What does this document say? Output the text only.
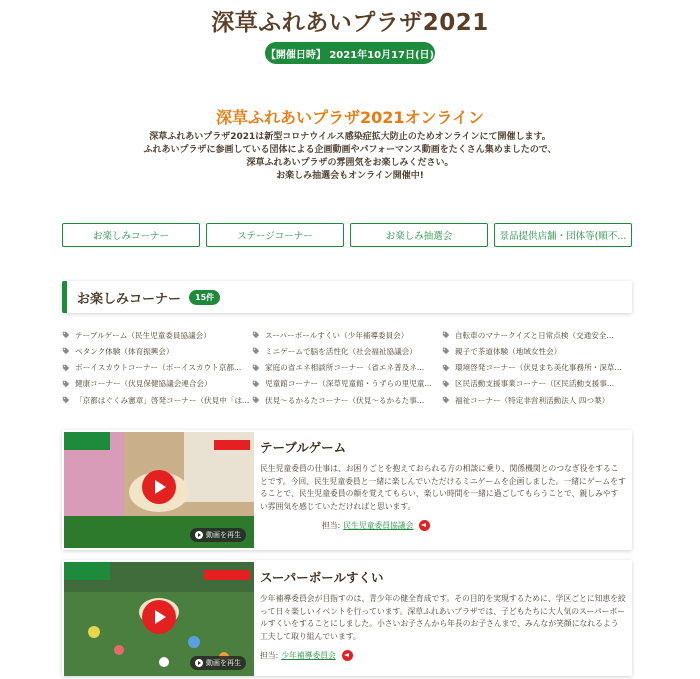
深草ふれあいプラザ2021
【開催日時】 2021年10月17日(日)
深草ふれあいプラザ2021オンライン
深草ふれあいプラザ2021は新型コロナウイルス感染症拡大防止のためオンラインにて開催します。
ふれあいプラザに参画している団体による企画動画やパフォーマンス動画をたくさん集めましたので、
深草ふれあいプラザの雰囲気をお楽しみください。
お楽しみ抽選会もオンライン開催中!
お楽しみコーナー	ステージコーナー	お楽しみ抽選会	景品提供店舗・団体等(順不...
お楽しみコーナー	15件
テーブルゲーム（民生児童委員協議会）	スーパーボールすくい（少年補導委員会）	自転車のマナークイズと日常点検（交通安全...
ペタンク体験（体育振興会）	ミニゲームで脳を活性化（社会福祉協議会）	親子で茶道体験（地域女性会）
ボーイスカウトコーナー（ボーイスカウト京都...	家庭の省エネ相談所コーナー（省エネ普及ネ...	環境啓発コーナー（伏見まち美化事務所・深草...
健康コーナー（伏見保健協議会連合会）	児童館コーナー（深草児童館・うずらの里児童...	区民活動支援事業コーナー（区民活動支援事...
「京都はぐくみ憲章」啓発コーナー（伏見中「は... 伏見～るかるたコーナー（伏見～るかるた事...	福祉コーナー（特定非営利活動法人 四つ葉）
動画を再生
テーブルゲーム
民生児童委員の仕事は、お困りごとを抱えておられる方の相談に乗り、関係機関とのつなぎ役をすることです。今回、民生児童委員と一緒に楽しんでいただけるミニゲームを企画しました。一緒にゲームをすることで、民生児童委員の顔を覚えてもらい、楽しい時間を一緒に過ごしてもらうことで、親しみやすい雰囲気を感じていただければと思います。
担当: 民生児童委員協議会
動画を再生
スーパーボールすくい
少年補導委員会が目指すのは、青少年の健全育成です。その目的を実現するために、学区ごとに知恵を絞って日々楽しいイベントを行っています。深草ふれあいプラザでは、子どもたちに大人気のスーパーボールすくいをすることにしました。小さいお子さんから年長のお子さんまで、みんなが笑顔になれるよう工夫して取り組んでいます。
担当: 少年補導委員会
